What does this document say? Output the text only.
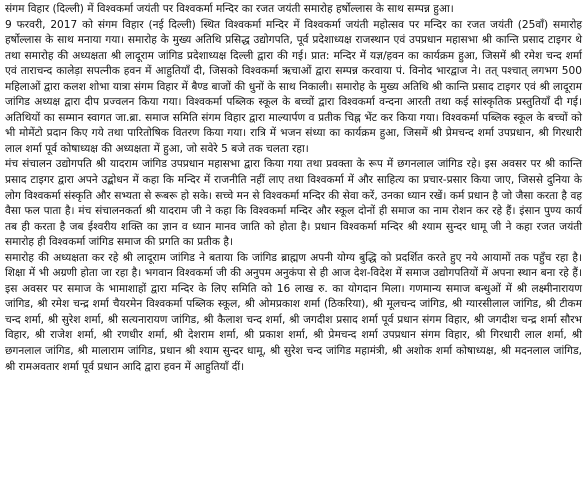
संगम विहार (दिल्ली) में विश्वकर्मा जयंती पर विश्वकर्मा मन्दिर का रजत जयंती समारोह हर्षोल्लास के साथ सम्पन्न हुआ।

9 फरवरी, 2017 को संगम विहार (नई दिल्ली) स्थित विश्वकर्मा मन्दिर में विश्वकर्मा जयंती महोत्सव पर मन्दिर का रजत जयंती (25वाँ) समारोह हर्षोल्लास के साथ मनाया गया। समारोह के मुख्य अतिथि प्रसिद्ध उद्योगपति, पूर्व प्रदेशाध्यक्ष राजस्थान एवं उपप्रधान महासभा श्री कान्ति प्रसाद टाइगर थे तथा समारोह की अध्यक्षता श्री लादूराम जांगिड प्रदेशाध्यक्ष दिल्ली द्वारा की गई। प्रात: मन्दिर में यज्ञ/हवन का कार्यक्रम हुआ, जिसमें श्री रमेश चन्द शर्मा एवं ताराचन्द कालेड़ा सपत्नीक हवन में आहुतियाँ दी, जिसको विश्वकर्मा ऋचाओं द्वारा सम्पन्न करवाया पं. विनोद भारद्वाज ने। तत् पश्चात् लगभग 500 महिलाओं द्वारा कलश शोभा यात्रा संगम विहार में बैण्ड बाजों की धुनों के साथ निकाली। समारोह के मुख्य अतिथि श्री कान्ति प्रसाद टाइगर एवं श्री लादूराम जांगिड अध्यक्ष द्वारा दीप प्रज्वलन किया गया। विश्वकर्मा पब्लिक स्कूल के बच्चों द्वारा विश्वकर्मा वन्दना आरती तथा कई सांस्कृतिक प्रस्तुतियाँ दी गई। अतिथियों का सम्मान स्वागत जा.ब्रा. समाज समिति संगम विहार द्वारा माल्यार्पण व प्रतीक चिह्न भेंट कर किया गया। विश्वकर्मा पब्लिक स्कूल के बच्चों को भी मोमेंटो प्रदान किए गये तथा पारितोषिक वितरण किया गया। रात्रि में भजन संध्या का कार्यक्रम हुआ, जिसमें श्री प्रेमचन्द शर्मा उपप्रधान, श्री गिरधारी लाल शर्मा पूर्व कोषाध्यक्ष की अध्यक्षता में हुआ, जो सवेरे 5 बजे तक चलता रहा।

मंच संचालन उद्योगपति श्री यादराम जांगिड उपप्रधान महासभा द्वारा किया गया तथा प्रवक्ता के रूप में छगनलाल जांगिड रहे। इस अवसर पर श्री कान्ति प्रसाद टाइगर द्वारा अपने उद्बोधन में कहा कि मन्दिर में राजनीति नहीं लाए तथा विश्वकर्मा में और साहित्य का प्रचार-प्रसार किया जाए, जिससे दुनिया के लोग विश्वकर्मा संस्कृति और सभ्यता से रूबरू हो सके। सच्चे मन से विश्वकर्मा मन्दिर की सेवा करें, उनका ध्यान रखें। कर्म प्रधान है जो जैसा करता है वह वैसा फल पाता है। मंच संचालनकर्ता श्री यादराम जी ने कहा कि विश्वकर्मा मन्दिर और स्कूल दोनों ही समाज का नाम रोशन कर रहे हैं। इंसान पुण्य कार्य तब ही करता है जब ईश्वरीय शक्ति का ज्ञान व ध्यान मानव जाति को होता है। प्रधान विश्वकर्मा मन्दिर श्री श्याम सुन्दर धामू जी ने कहा रजत जयंती समारोह ही विश्वकर्मा जांगिड समाज की प्रगति का प्रतीक है।

समारोह की अध्यक्षता कर रहे श्री लादूराम जांगिड ने बताया कि जांगिड ब्राह्मण अपनी योग्य बुद्धि को प्रदर्शित करते हुए नये आयामों तक पहुँच रहा है। शिक्षा में भी अग्रणी होता जा रहा है। भगवान विश्वकर्मा जी की अनुपम अनुकंपा से ही आज देश-विदेश में समाज उद्योगपतियों में अपना स्थान बना रहे हैं। इस अवसर पर समाज के भामाशाहों द्वारा मन्दिर के लिए समिति को 16 लाख रु. का योगदान मिला। गणमान्य समाज बन्धुओं में श्री लक्ष्मीनारायण जांगिड, श्री रमेश चन्द्र शर्मा चैयरमेन विश्वकर्मा पब्लिक स्कूल, श्री ओमप्रकाश शर्मा (ठिकरिया), श्री मूलचन्द जांगिड, श्री ग्यारसीलाल जांगिड, श्री टीकम चन्द शर्मा, श्री सुरेश शर्मा, श्री सत्यनारायण जांगिड, श्री कैलाश चन्द शर्मा, श्री जगदीश प्रसाद शर्मा पूर्व प्रधान संगम विहार, श्री जगदीश चन्द्र शर्मा सौरभ विहार, श्री राजेश शर्मा, श्री रणधीर शर्मा, श्री देशराम शर्मा, श्री प्रकाश शर्मा, श्री प्रेमचन्द शर्मा उपप्रधान संगम विहार, श्री गिरधारी लाल शर्मा, श्री छगनलाल जांगिड, श्री मालाराम जांगिड, प्रधान श्री श्याम सुन्दर धामू, श्री सुरेश चन्द जांगिड महामंत्री, श्री अशोक शर्मा कोषाध्यक्ष, श्री मदनलाल जांगिड, श्री रामअवतार शर्मा पूर्व प्रधान आदि द्वारा हवन में आहुतियाँ दीं।
